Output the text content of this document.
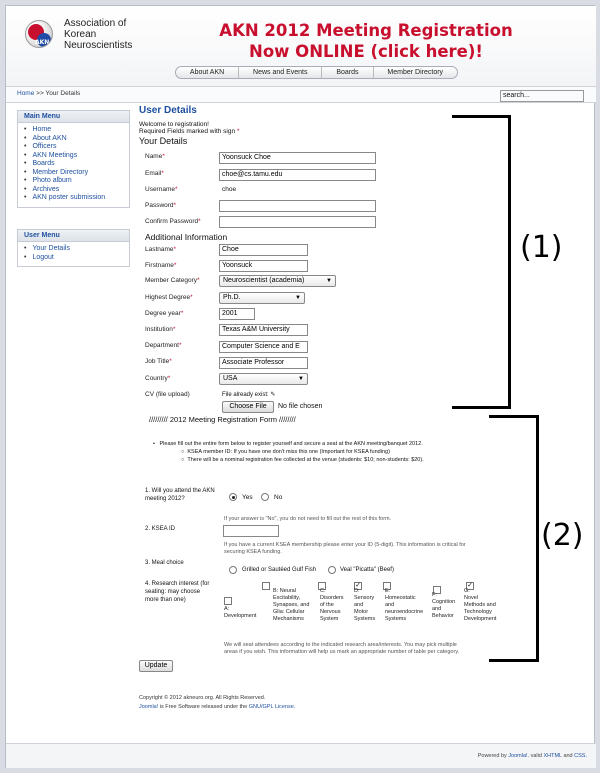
AKN
Association of
Korean
Neuroscientists
AKN 2012 Meeting Registration
Now ONLINE (click here)!
About AKN	News and Events	Boards	Member Directory
Home >> Your Details	search...
Main Menu
• Home
• About AKN
• Officers
• AKN Meetings
• Boards
• Member Directory
• Photo album
• Archives
• AKN poster submission
User Menu
• Your Details
• Logout
User Details
Welcome to registration!
Required Fields marked with sign *
Your Details
Name*	Yoonsuck Choe
Email*	choe@cs.tamu.edu
Username*	choe
Password*
Confirm Password*
Additional Information
Lastname*	Choe
Firstname*	Yoonsuck
Member Category*	Neuroscientist (academia)	▼
Highest Degree*	Ph.D.	▼
Degree year*	2001
Institution*	Texas A&M University
Department*	Computer Science and E
Job Title*	Associate Professor
Country*	USA	▼
CV (file upload)	File already exist: ✎
Choose File	No file chosen
///////// 2012 Meeting Registration Form ////////
•   Please fill out the entire form below to register yourself and secure a seat at the AKN meeting/banquet 2012.
○  KSEA member ID: If you have one don't miss this one (Important for KSEA funding)
○  There will be a nominal registration fee collected at the venue (students: $10; non-students: $20).
1. Will you attend the AKN
meeting 2012?	Yes	No
If your answer is "No", you do not need to fill out the rest of this form.
2. KSEA ID
If you have a current KSEA membership please enter your ID (5-digit). This information is critical for
securing KSEA funding.
3. Meal choice
Grilled or Sautéed Gulf Fish	Veal "Picatta" (Beef)
4. Research interest (for
seating: may choose
more than one)
A:
Development
B: Neural
Excitability,
Synapses, and
Glia: Cellular
Mechanisms
C:
Disorders
of the
Nervous
System
✓
D:
Sensory
and
Motor
Systems
E:
Homeostatic
and
neuroendocrine
Systems
F:
Cognition
and
Behavior
✓
G:
Novel
Methods and
Technology
Development
We will seat attendees according to the indicated research area/interests. You may pick multiple
areas if you wish. This information will help us mark an appropriate number of table per category.
Update
Copyright © 2012 akneuro.org. All Rights Reserved.
Joomla! is Free Software released under the GNU/GPL License.
Powered by Joomla!. valid XHTML and CSS.
(1)
(2)
